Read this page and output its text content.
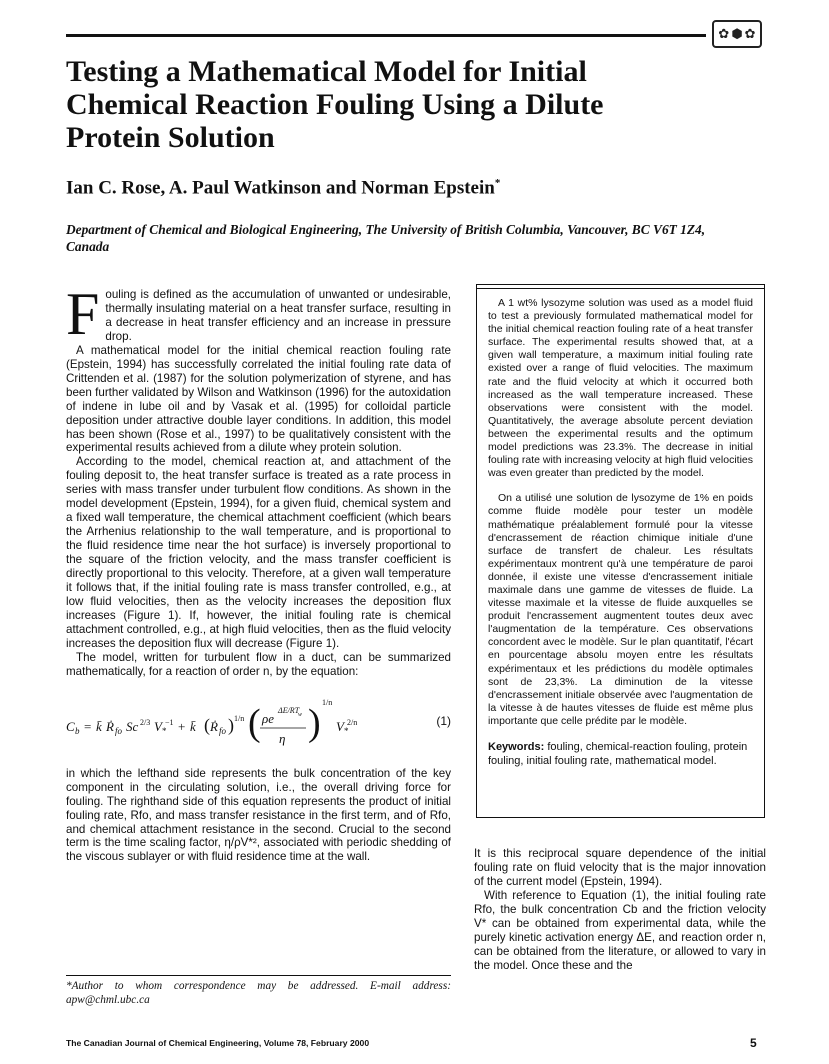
✿ ⬢ ✿
Testing a Mathematical Model for Initial Chemical Reaction Fouling Using a Dilute Protein Solution

Ian C. Rose, A. Paul Watkinson and Norman Epstein*

Department of Chemical and Biological Engineering, The University of British Columbia, Vancouver, BC V6T 1Z4, Canada

Fouling is defined as the accumulation of unwanted or undesirable, thermally insulating material on a heat transfer surface, resulting in a decrease in heat transfer efficiency and an increase in pressure drop.

A mathematical model for the initial chemical reaction fouling rate (Epstein, 1994) has successfully correlated the initial fouling rate data of Crittenden et al. (1987) for the solution polymerization of styrene, and has been further validated by Wilson and Watkinson (1996) for the autoxidation of indene in lube oil and by Vasak et al. (1995) for colloidal particle deposition under attractive double layer conditions. In addition, this model has been shown (Rose et al., 1997) to be qualitatively consistent with the experimental results achieved from a dilute whey protein solution.

According to the model, chemical reaction at, and attachment of the fouling deposit to, the heat transfer surface is treated as a rate process in series with mass transfer under turbulent flow conditions. As shown in the model development (Epstein, 1994), for a given fluid, chemical system and a fixed wall temperature, the chemical attachment coefficient (which bears the Arrhenius relationship to the wall temperature, and is proportional to the fluid residence time near the hot surface) is inversely proportional to the square of the friction velocity, and the mass transfer coefficient is directly proportional to this velocity. Therefore, at a given wall temperature it follows that, if the initial fouling rate is mass transfer controlled, e.g., at low fluid velocities, then as the velocity increases the deposition flux increases (Figure 1). If, however, the initial fouling rate is chemical attachment controlled, e.g., at high fluid velocities, then as the fluid velocity increases the deposition flux will decrease (Figure 1).

The model, written for turbulent flow in a duct, can be summarized mathematically, for a reaction of order n, by the equation:

C b = k̄ Ṙ fo Sc 2/3 V *
−1 + k̄ ( Ṙ fo ) 1/n ( ρe
ΔE/RT
w
η ) 1/n
V *
2/n	(1)

in which the lefthand side represents the bulk concentration of the key component in the circulating solution, i.e., the overall driving force for fouling. The righthand side of this equation represents the product of initial fouling rate, Rfo, and mass transfer resistance in the first term, and of Rfo, and chemical attachment resistance in the second. Crucial to the second term is the time scaling factor, η/ρV*², associated with periodic shedding of the viscous sublayer or with fluid residence time at the wall.

A 1 wt% lysozyme solution was used as a model fluid to test a previously formulated mathematical model for the initial chemical reaction fouling rate of a heat transfer surface. The experimental results showed that, at a given wall temperature, a maximum initial fouling rate existed over a range of fluid velocities. The maximum rate and the fluid velocity at which it occurred both increased as the wall temperature increased. These observations were consistent with the model. Quantitatively, the average absolute percent deviation between the experimental results and the optimum model predictions was 23.3%. The decrease in initial fouling rate with increasing velocity at high fluid velocities was even greater than predicted by the model.

On a utilisé une solution de lysozyme de 1% en poids comme fluide modèle pour tester un modèle mathématique préalablement formulé pour la vitesse d'encrassement de réaction chimique initiale d'une surface de transfert de chaleur. Les résultats expérimentaux montrent qu'à une température de paroi donnée, il existe une vitesse d'encrassement initiale maximale dans une gamme de vitesses de fluide. La vitesse maximale et la vitesse de fluide auxquelles se produit l'encrassement augmentent toutes deux avec l'augmentation de la température. Ces observations concordent avec le modèle. Sur le plan quantitatif, l'écart en pourcentage absolu moyen entre les résultats expérimentaux et les prédictions du modèle optimales sont de 23,3%. La diminution de la vitesse d'encrassement initiale observée avec l'augmentation de la vitesse à de hautes vitesses de fluide est même plus importante que celle prédite par le modèle.

Keywords: fouling, chemical-reaction fouling, protein fouling, initial fouling rate, mathematical model.

It is this reciprocal square dependence of the initial fouling rate on fluid velocity that is the major innovation of the current model (Epstein, 1994).

With reference to Equation (1), the initial fouling rate Rfo, the bulk concentration Cb and the friction velocity V* can be obtained from experimental data, while the purely kinetic activation energy ΔE, and reaction order n, can be obtained from the literature, or allowed to vary in the model. Once these and the

*Author to whom correspondence may be addressed. E-mail address: apw@chml.ubc.ca
The Canadian Journal of Chemical Engineering, Volume 78, February 2000	5
